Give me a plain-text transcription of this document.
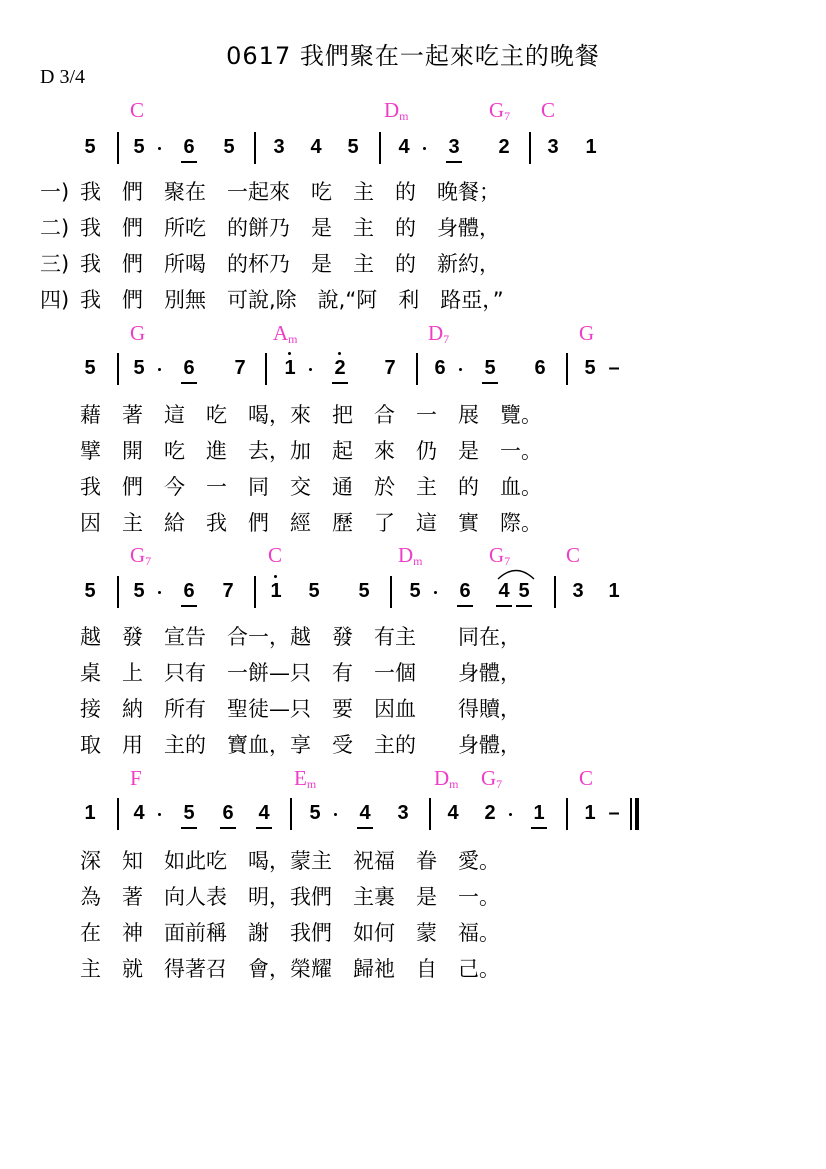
0617 我們聚在一起來吃主的晚餐
D 3/4
C	$D_m$	$G_7$ C
5 5 6 5 3 4 5 4 3 2 3 1
一) 我　們　聚在　一起來　吃　主　的　晚餐；
二) 我　們　所吃　的餅乃　是　主　的　身體，
三) 我　們　所喝　的杯乃　是　主　的　新約，
四) 我　們　別無　可說,除　說,“阿　利　路亞，”
G	$A_m$	$D_7$	G
5 5 6 7 1 2 7 6 5 6 5 –
藉　著　這　吃　喝，來　把　合　一　展　覽。
擘　開　吃　進　去，加　起　來　仍　是　一。
我　們　今　一　同　交　通　於　主　的　血。
因　主　給　我　們　經　歷　了　這　實　際。
$G_7$	C	$D_m$	$G_7$	C
5 5 6 7 1 5 5 5 6 4 5 3 1
越　發　宣告　合一，越　發　有主　　同在，
桌　上　只有　一餅—只　有　一個　　身體，
接　納　所有　聖徒—只　要　因血　　得贖，
取　用　主的　寶血，享　受　主的　　身體，
F	$E_m$	$D_m$ $G_7$	C
1 4 5 6 4 5 4 3 4 2 1 1 –
深　知　如此吃　喝，蒙主　祝福　眷　愛。
為　著　向人表　明，我們　主裏　是　一。
在　神　面前稱　謝　我們　如何　蒙　福。
主　就　得著召　會，榮耀　歸祂　自　己。
